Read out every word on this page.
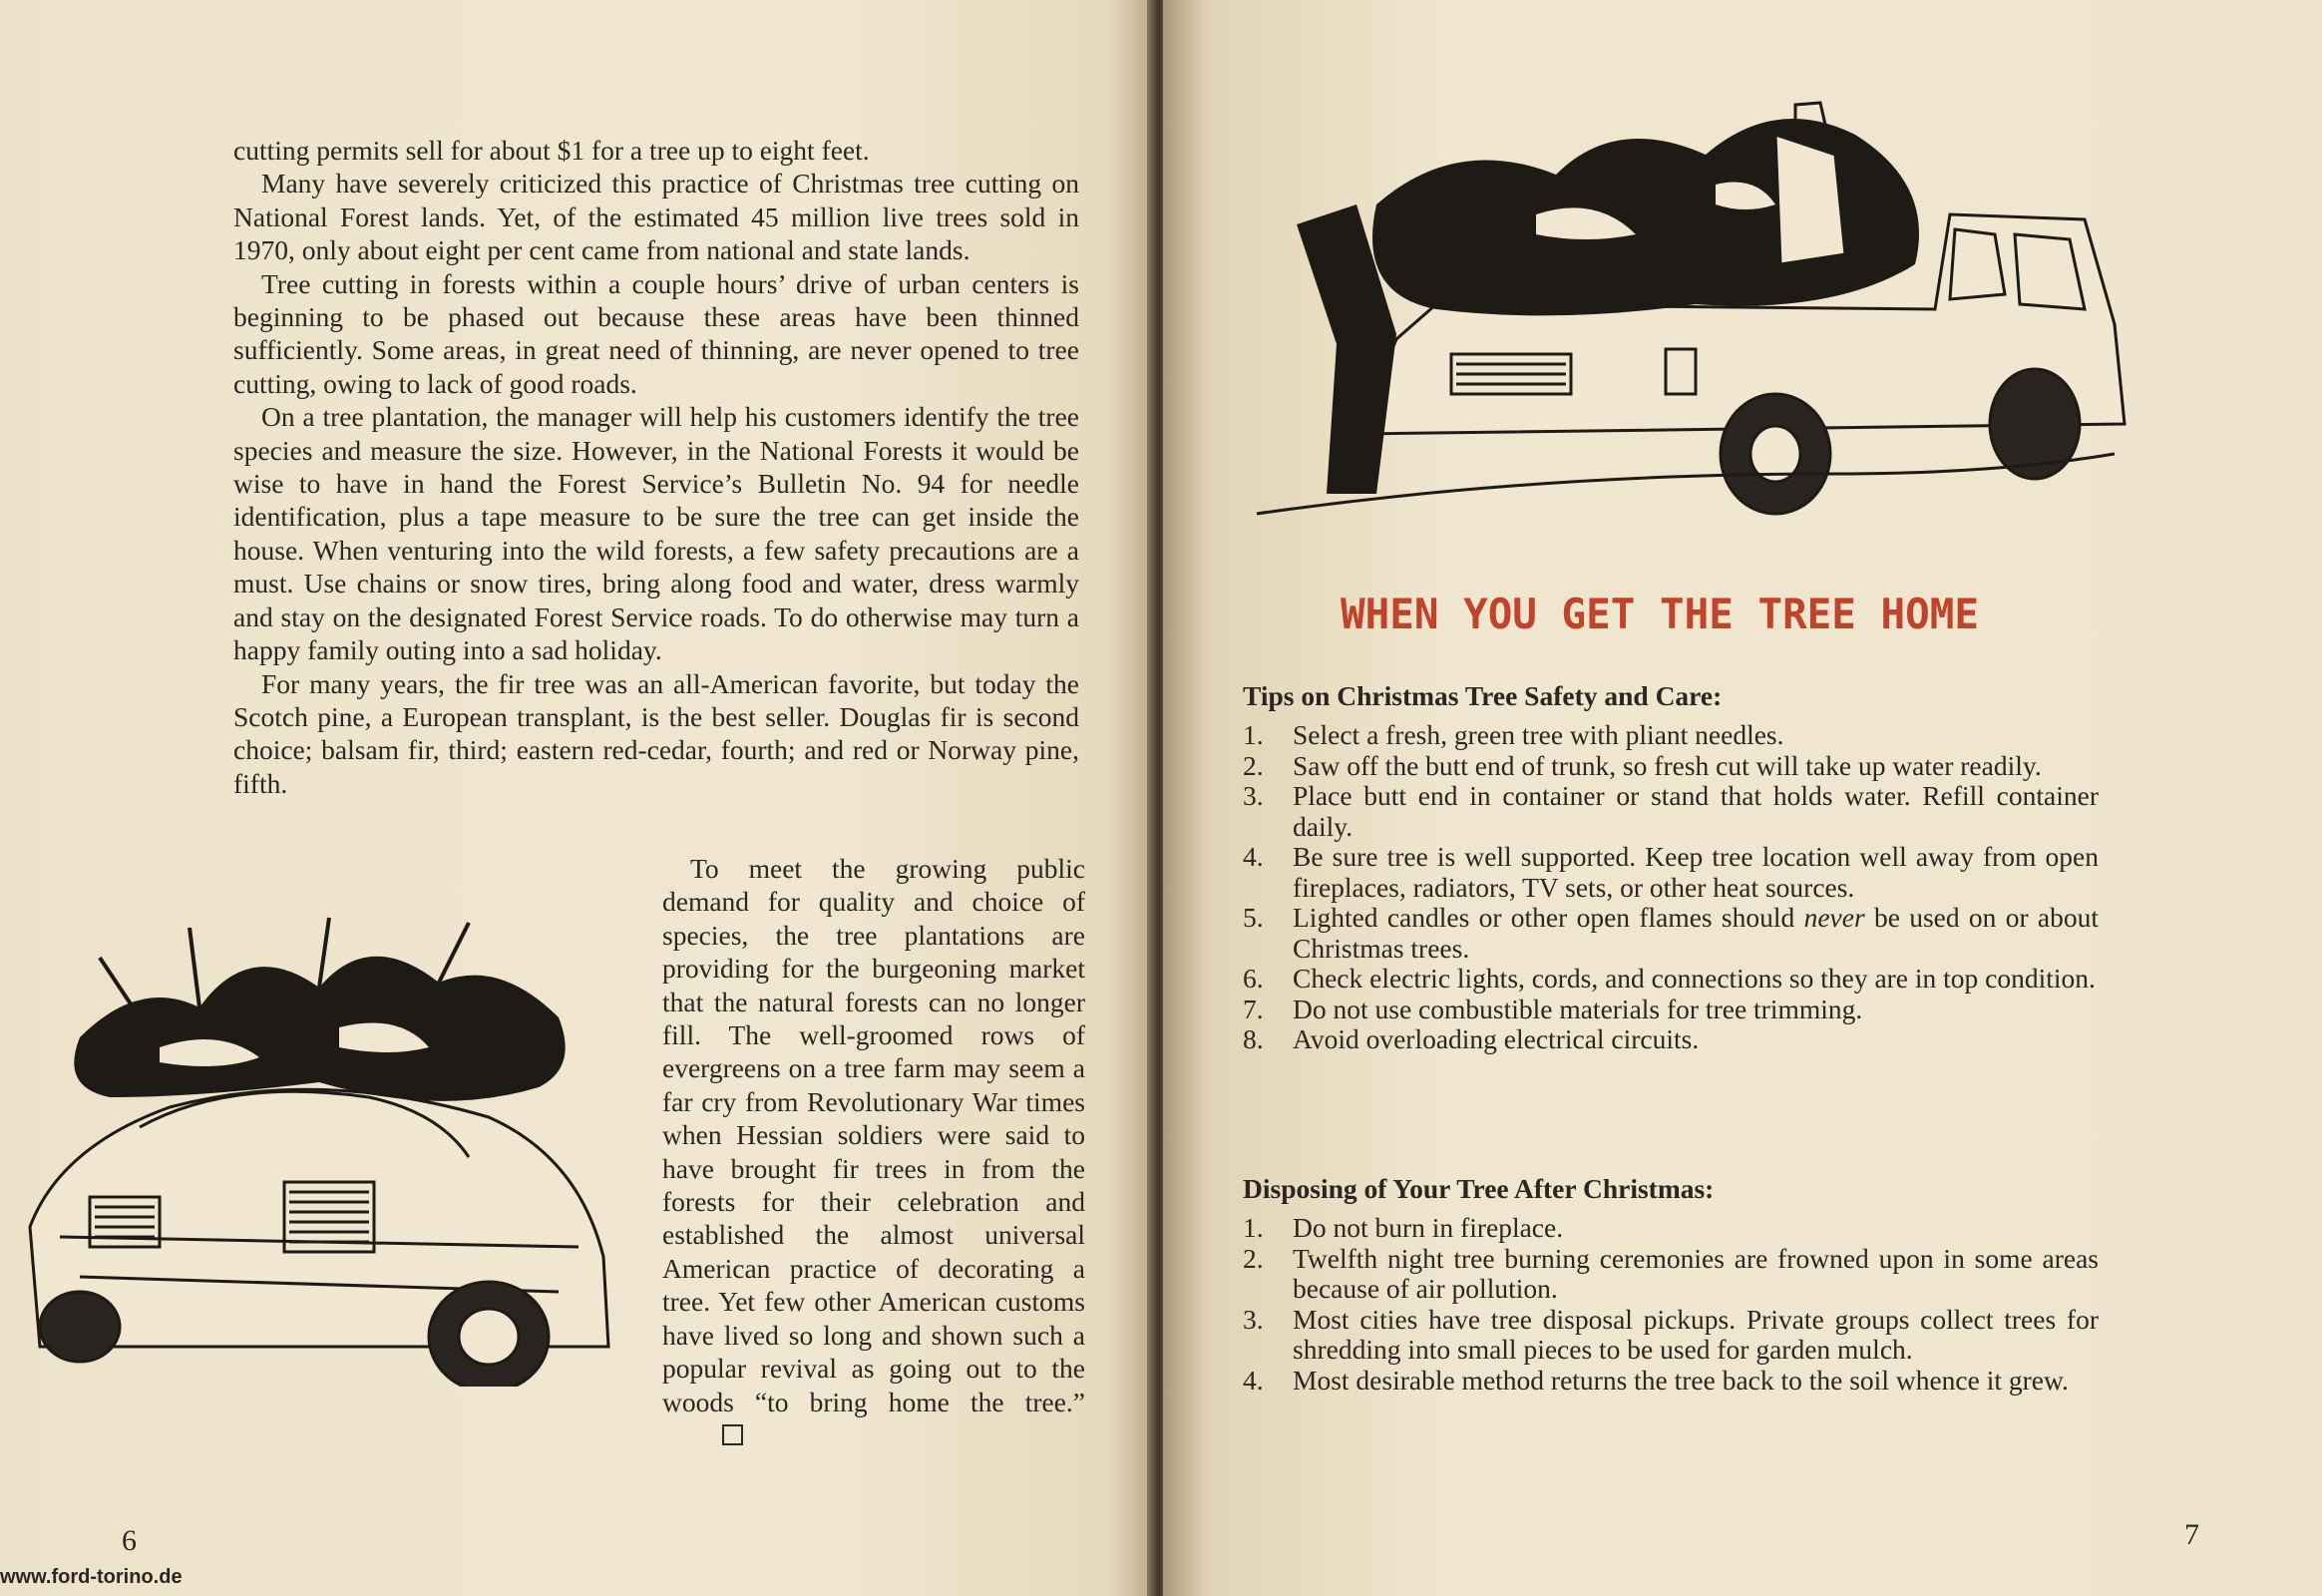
cutting permits sell for about $1 for a tree up to eight feet.

Many have severely criticized this practice of Christmas tree cutting on National Forest lands. Yet, of the estimated 45 million live trees sold in 1970, only about eight per cent came from national and state lands.

Tree cutting in forests within a couple hours’ drive of urban centers is beginning to be phased out because these areas have been thinned sufficiently. Some areas, in great need of thinning, are never opened to tree cutting, owing to lack of good roads.

On a tree plantation, the manager will help his customers identify the tree species and measure the size. However, in the National Forests it would be wise to have in hand the Forest Service’s Bulletin No. 94 for needle identification, plus a tape measure to be sure the tree can get inside the house. When venturing into the wild forests, a few safety precautions are a must. Use chains or snow tires, bring along food and water, dress warmly and stay on the designated Forest Service roads. To do otherwise may turn a happy family outing into a sad holiday.

For many years, the fir tree was an all-American favorite, but today the Scotch pine, a European transplant, is the best seller. Douglas fir is second choice; balsam fir, third; eastern red-cedar, fourth; and red or Norway pine, fifth.

To meet the growing public demand for quality and choice of species, the tree plantations are providing for the burgeoning market that the natural forests can no longer fill. The well-groomed rows of evergreens on a tree farm may seem a far cry from Revolutionary War times when Hessian soldiers were said to have brought fir trees in from the forests for their celebration and established the almost universal American practice of decorating a tree. Yet few other American customs have lived so long and shown such a popular revival as going out to the woods “to bring home the tree.”

6
www.ford-torino.de
WHEN YOU GET THE TREE HOME
Tips on Christmas Tree Safety and Care:
1. Select a fresh, green tree with pliant needles.
2. Saw off the butt end of trunk, so fresh cut will take up water readily.
3. Place butt end in container or stand that holds water. Refill container daily.
4. Be sure tree is well supported. Keep tree location well away from open fireplaces, radiators, TV sets, or other heat sources.
5. Lighted candles or other open flames should never be used on or about Christmas trees.
6. Check electric lights, cords, and connections so they are in top condition.
7. Do not use combustible materials for tree trimming.
8. Avoid overloading electrical circuits.
Disposing of Your Tree After Christmas:
1. Do not burn in fireplace.
2. Twelfth night tree burning ceremonies are frowned upon in some areas because of air pollution.
3. Most cities have tree disposal pickups. Private groups collect trees for shredding into small pieces to be used for garden mulch.
4. Most desirable method returns the tree back to the soil whence it grew.
7
